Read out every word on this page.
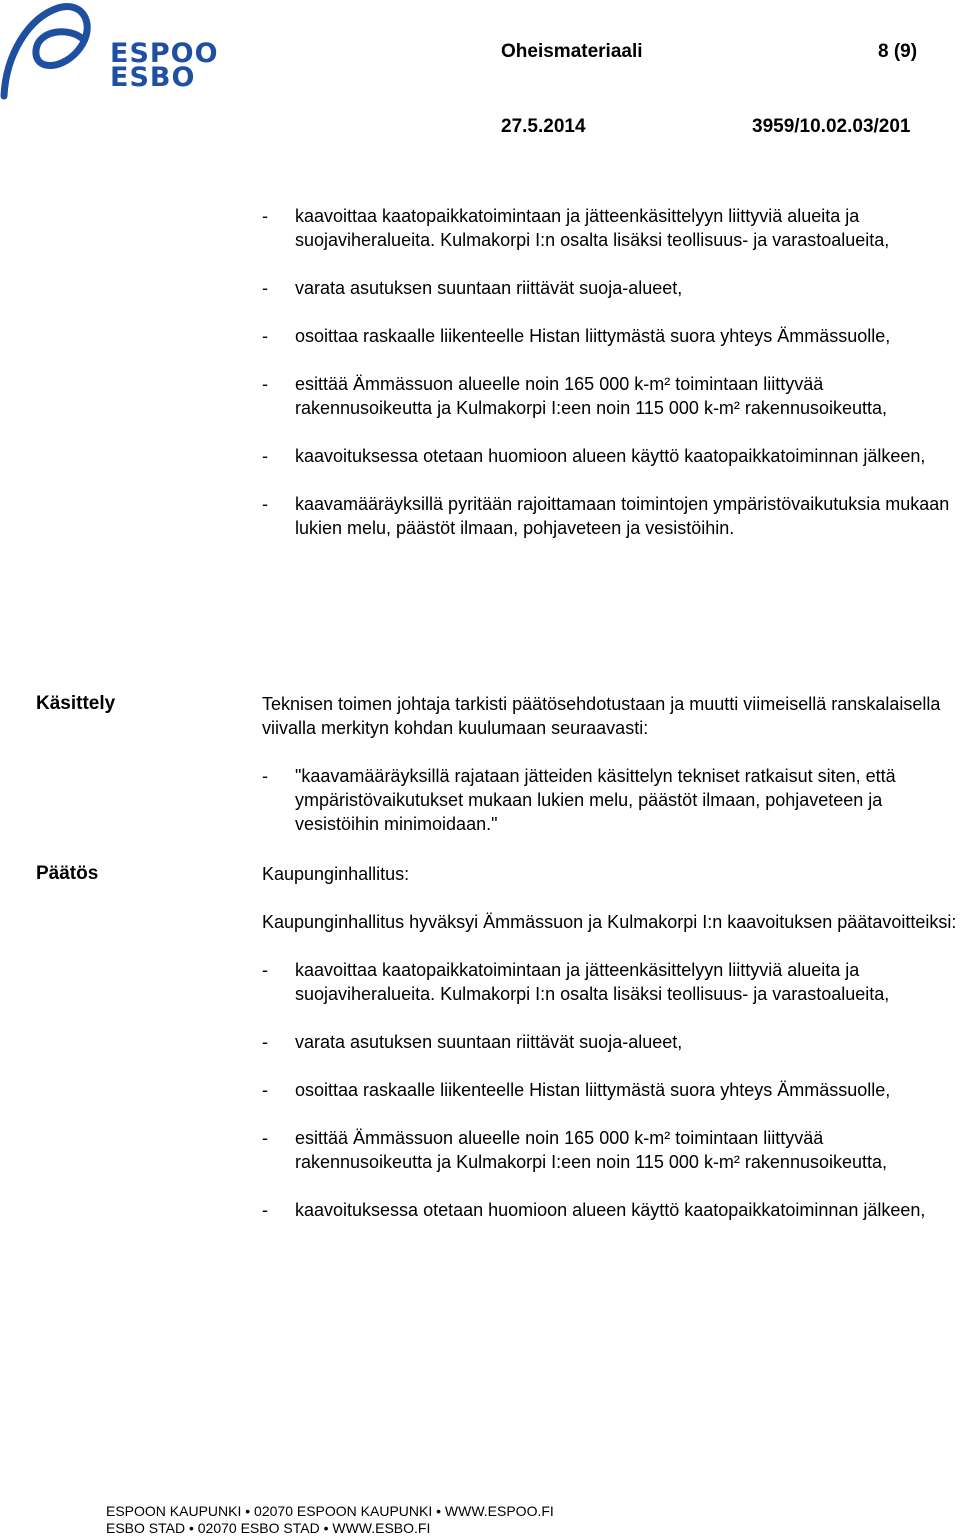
ESPOO
ESBO
Oheismateriaali	8 (9)
27.5.2014	3959/10.02.03/201

- kaavoittaa kaatopaikkatoimintaan ja jätteenkäsittelyyn liittyviä alueita ja suojaviheralueita. Kulmakorpi I:n osalta lisäksi teollisuus- ja varastoalueita,

- varata asutuksen suuntaan riittävät suoja-alueet,

- osoittaa raskaalle liikenteelle Histan liittymästä suora yhteys Ämmässuolle,

- esittää Ämmässuon alueelle noin 165 000 k-m² toimintaan liittyvää rakennusoikeutta ja Kulmakorpi I:een noin 115 000 k-m² rakennusoikeutta,

- kaavoituksessa otetaan huomioon alueen käyttö kaatopaikkatoiminnan jälkeen,

- kaavamääräyksillä pyritään rajoittamaan toimintojen ympäristövaikutuksia mukaan lukien melu, päästöt ilmaan, pohjaveteen ja vesistöihin.

Käsittely	Teknisen toimen johtaja tarkisti päätösehdotustaan ja muutti viimeisellä ranskalaisella viivalla merkityn kohdan kuulumaan seuraavasti:

- "kaavamääräyksillä rajataan jätteiden käsittelyn tekniset ratkaisut siten, että ympäristövaikutukset mukaan lukien melu, päästöt ilmaan, pohjaveteen ja vesistöihin minimoidaan."

Päätös	Kaupunginhallitus:

Kaupunginhallitus hyväksyi Ämmässuon ja Kulmakorpi I:n kaavoituksen päätavoitteiksi:

- kaavoittaa kaatopaikkatoimintaan ja jätteenkäsittelyyn liittyviä alueita ja suojaviheralueita. Kulmakorpi I:n osalta lisäksi teollisuus- ja varastoalueita,

- varata asutuksen suuntaan riittävät suoja-alueet,

- osoittaa raskaalle liikenteelle Histan liittymästä suora yhteys Ämmässuolle,

- esittää Ämmässuon alueelle noin 165 000 k-m² toimintaan liittyvää rakennusoikeutta ja Kulmakorpi I:een noin 115 000 k-m² rakennusoikeutta,

- kaavoituksessa otetaan huomioon alueen käyttö kaatopaikkatoiminnan jälkeen,

ESPOON KAUPUNKI • 02070 ESPOON KAUPUNKI • WWW.ESPOO.FI
ESBO STAD • 02070 ESBO STAD • WWW.ESBO.FI
